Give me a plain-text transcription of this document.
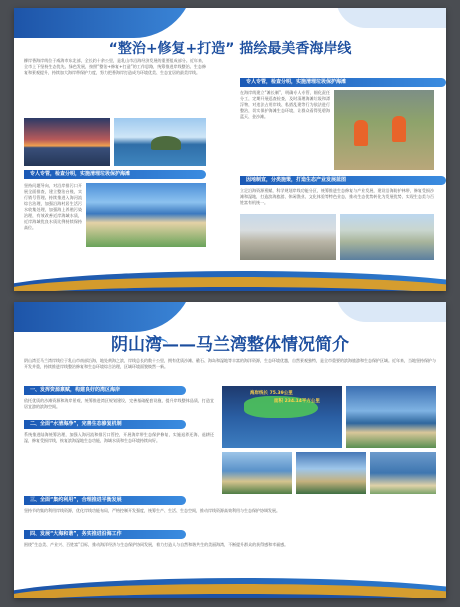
“整治+修复+打造” 描绘最美香海岸线
柳岸香海岸线位于威海市东北部，全长约十余公里，是乳山市沿海经济发展的重要组成部分。近年来，全市上下坚持生态优先、绿色发展，按照“整治+修复+打造”的工作思路，统筹推进岸线整治、生态修复和景观提升，持续加大海岸带保护力度，努力把香海岸打造成为环境优美、生态宜居的最美岸线。
专人专管，检查分明，实施清理垃圾保护海滩
坚持问题导向，对沿岸排污口开展全面排查，建立整治台账，实行销号管理。持续推进入海河流综合治理，加强沿海村居生活污水收集处理，加强海上养殖污染治理，有效改善近岸海域水质，近岸海域优良水质比例持续保持高位。
专人专管，检查分明，实施清理垃圾保护海滩
在海岸线建立“滩长制”，明确专人专管，细化责任分工，定期开展巡查检查，及时清理海滩垃圾和漂浮物，对违法占用岸线、私搭乱建等行为依法进行整治，切实保护海滩生态环境，让群众看得见碧海蓝天、金沙滩。
因地制宜，分类施策，打造生态产业发展蓝图
立足沿海资源禀赋，科学规划岸线功能分区，统筹推进生态修复与产业发展，建设沿海防护林带，修复受损沙滩和湿地，打造滨海旅游、休闲渔业、文化体验等特色业态，推动生态优势转化为发展优势，实现生态美与百姓富有机统一。
阴山湾——马兰湾整体情况简介
阴山湾至马兰湾岸线位于乳山市南部沿海，地处黄海之滨，岸线总长约数十公里，拥有优质沙滩、礁石、海岛和湿地等丰富的海洋资源，生态环境优越，自然景观独特，是全市重要的滨海旅游和生态保护区域。近年来，当地坚持保护与开发并重，持续推进岸线整治修复和生态环境综合治理，区域环境面貌焕然一新。
一、发挥资源禀赋，构建良好的湾区海岸
依托优质的沙滩资源和海岸景观，统筹推进湾区规划建设，完善基础配套设施，提升岸线整体品质，打造宜居宜游的滨海空间。
二、全面“水清海净”，完善生态修复机制
系统推进陆海统筹治理，加强入海河流和排污口管控，开展海岸带生态保护修复，实施退养还海、退耕还湿，修复受损岸线，恢复滨海湿地生态功能，海域水质和生态环境持续向好。
海岸线长 75.39公里
面积 234.14平方公里
三、全面“集约利用”，合理推进平衡发展
坚持节约集约利用岸线资源，优化岸线功能布局，严格控制开发强度，统筹生产、生活、生态空间，推动岸线资源高效利用与生态保护协调发展。
四、发展“大海和谐”，务实推进沿海工作
围绕“生态美、产业兴、百姓富”目标，推动海洋经济与生态保护协同发展，着力打造人与自然和谐共生的美丽海湾，不断提升群众的获得感和幸福感。
